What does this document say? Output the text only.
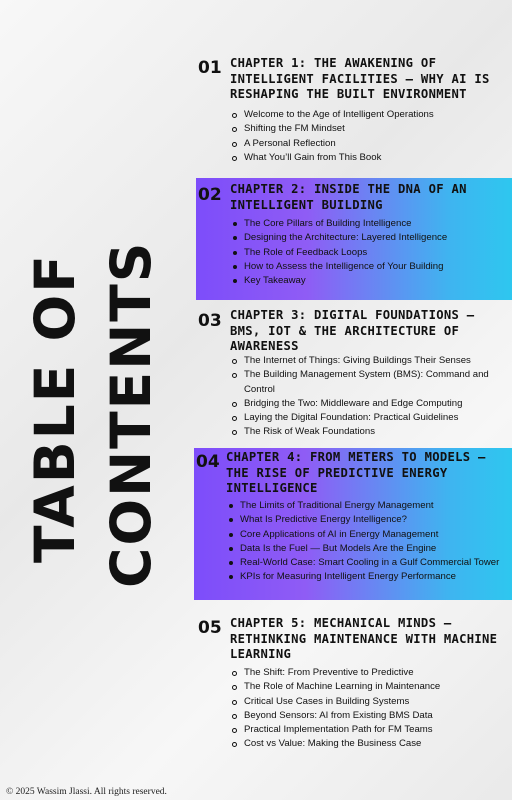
TABLE OF CONTENTS
01 CHAPTER 1: THE AWAKENING OF INTELLIGENT FACILITIES — WHY AI IS RESHAPING THE BUILT ENVIRONMENT
Welcome to the Age of Intelligent Operations
Shifting the FM Mindset
A Personal Reflection
What You’ll Gain from This Book
02 CHAPTER 2: INSIDE THE DNA OF AN INTELLIGENT BUILDING
The Core Pillars of Building Intelligence
Designing the Architecture: Layered Intelligence
The Role of Feedback Loops
How to Assess the Intelligence of Your Building
Key Takeaway
03 CHAPTER 3: DIGITAL FOUNDATIONS — BMS, IOT & THE ARCHITECTURE OF AWARENESS
The Internet of Things: Giving Buildings Their Senses
The Building Management System (BMS): Command and Control
Bridging the Two: Middleware and Edge Computing
Laying the Digital Foundation: Practical Guidelines
The Risk of Weak Foundations
04 CHAPTER 4: FROM METERS TO MODELS — THE RISE OF PREDICTIVE ENERGY INTELLIGENCE
The Limits of Traditional Energy Management
What Is Predictive Energy Intelligence?
Core Applications of AI in Energy Management
Data Is the Fuel — But Models Are the Engine
Real-World Case: Smart Cooling in a Gulf Commercial Tower
KPIs for Measuring Intelligent Energy Performance
05 CHAPTER 5: MECHANICAL MINDS — RETHINKING MAINTENANCE WITH MACHINE LEARNING
The Shift: From Preventive to Predictive
The Role of Machine Learning in Maintenance
Critical Use Cases in Building Systems
Beyond Sensors: AI from Existing BMS Data
Practical Implementation Path for FM Teams
Cost vs Value: Making the Business Case
© 2025 Wassim Jlassi. All rights reserved.
